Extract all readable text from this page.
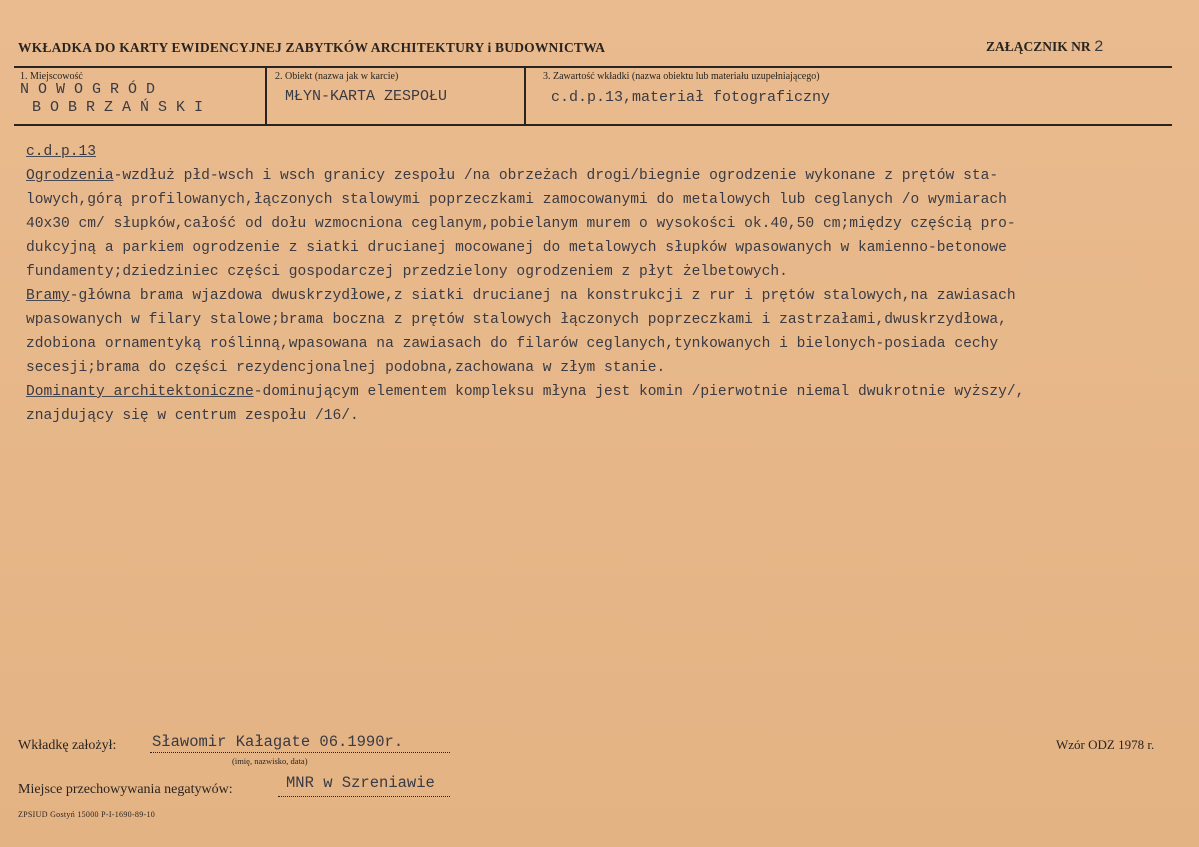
WKŁADKA DO KARTY EWIDENCYJNEJ ZABYTKÓW ARCHITEKTURY i BUDOWNICTWA	ZAŁĄCZNIK NR 2
1. Miejscowość
N O W O G R Ó D
B O B R Z A Ń S K I
2. Obiekt (nazwa jak w karcie)
MŁYN-KARTA ZESPOŁU
3. Zawartość wkładki (nazwa obiektu lub materiału uzupełniającego)
c.d.p.13,materiał fotograficzny

c.d.p.13

Ogrodzenia-wzdłuż płd-wsch i wsch granicy zespołu /na obrzeżach drogi/biegnie ogrodzenie wykonane z prętów sta-

lowych,górą profilowanych,łączonych stalowymi poprzeczkami zamocowanymi do metalowych lub ceglanych /o wymiarach

40x30 cm/ słupków,całość od dołu wzmocniona ceglanym,pobielanym murem o wysokości ok.40,50 cm;między częścią pro-

dukcyjną a parkiem ogrodzenie z siatki drucianej mocowanej do metalowych słupków wpasowanych w kamienno-betonowe

fundamenty;dziedziniec części gospodarczej przedzielony ogrodzeniem z płyt żelbetowych.

Bramy-główna brama wjazdowa dwuskrzydłowe,z siatki drucianej na konstrukcji z rur i prętów stalowych,na zawiasach

wpasowanych w filary stalowe;brama boczna z prętów stalowych łączonych poprzeczkami i zastrzałami,dwuskrzydłowa,

zdobiona ornamentyką roślinną,wpasowana na zawiasach do filarów ceglanych,tynkowanych i bielonych-posiada cechy

secesji;brama do części rezydencjonalnej podobna,zachowana w złym stanie.

Dominanty architektoniczne-dominującym elementem kompleksu młyna jest komin /pierwotnie niemal dwukrotnie wyższy/,

znajdujący się w centrum zespołu /16/.

Wkładkę założył: Sławomir Kałagate 06.1990r.
(imię, nazwisko, data)
Miejsce przechowywania negatywów:	MNR w Szreniawie
Wzór ODZ 1978 r.
ZPSIUD Gostyń 15000 P-I-1690-89-10
